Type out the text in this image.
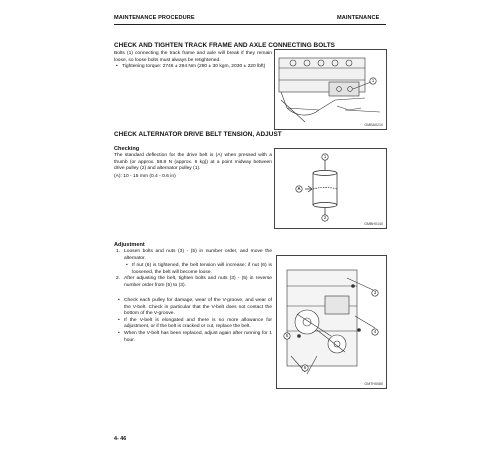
MAINTENANCE PROCEDURE	MAINTENANCE
CHECK AND TIGHTEN TRACK FRAME AND AXLE CONNECTING BOLTS
Bolts (1) connecting the track frame and axle will break if they remain loose, so loose bolts must always be retightened.
• Tightening torque: 2746 ± 294 Nm (280 ± 30 kgm, 2030 ± 220 lbft)
1
GMBA0210
CHECK ALTERNATOR DRIVE BELT TENSION, ADJUST
Checking
The standard deflection for the drive belt is (A) when pressed with a thumb (or approx. 58.8 N (approx. 6 kg)) at a point midway between drive pulley (2) and alternator pulley (1).
(A): 10 - 15 mm (0.4 - 0.6 in)
1
A
2
GMBH0140
Adjustment
1. Loosen bolts and nuts (3) - (5) in number order, and move the alternator.
• If nut (6) is tightened, the belt tension will increase; if nut (6) is loosened, the belt will become loose.
2. After adjusting the belt, tighten bolts and nuts (3) - (5) in reverse number order from (5) to (3).
• Check each pulley for damage, wear of the V-groove, and wear of the V-belt. Check in particular that the V-belt does not contact the bottom of the V-groove.
• If the V-belt is elongated and there is no more allowance for adjustment, or if the belt is cracked or cut, replace the belt.
• When the V-belt has been replaced, adjust again after running for 1 hour.
3
4
5
6
GMTH0080
4- 46
